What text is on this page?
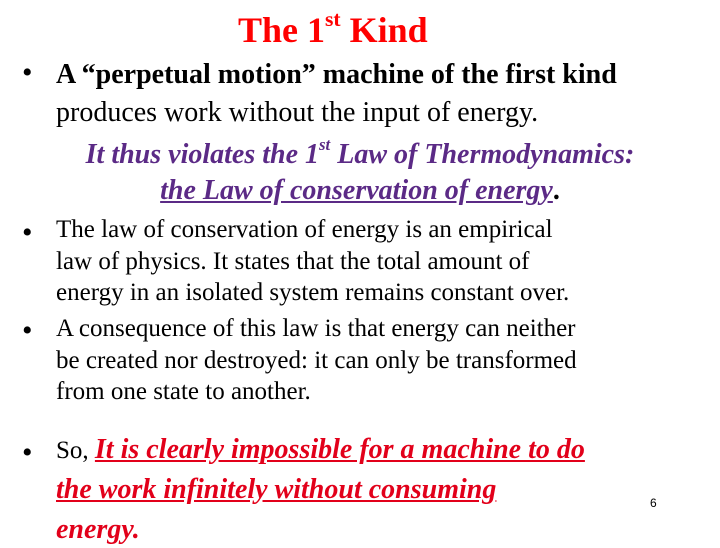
The 1st Kind
• A “perpetual motion” machine of the first kind
produces work without the input of energy.
It thus violates the 1st Law of Thermodynamics:
the Law of conservation of energy.
• The law of conservation of energy is an empirical
law of physics. It states that the total amount of
energy in an isolated system remains constant over.
• A consequence of this law is that energy can neither
be created nor destroyed: it can only be transformed
from one state to another.
• So, It is clearly impossible for a machine to do
the work infinitely without consuming
energy.
6
